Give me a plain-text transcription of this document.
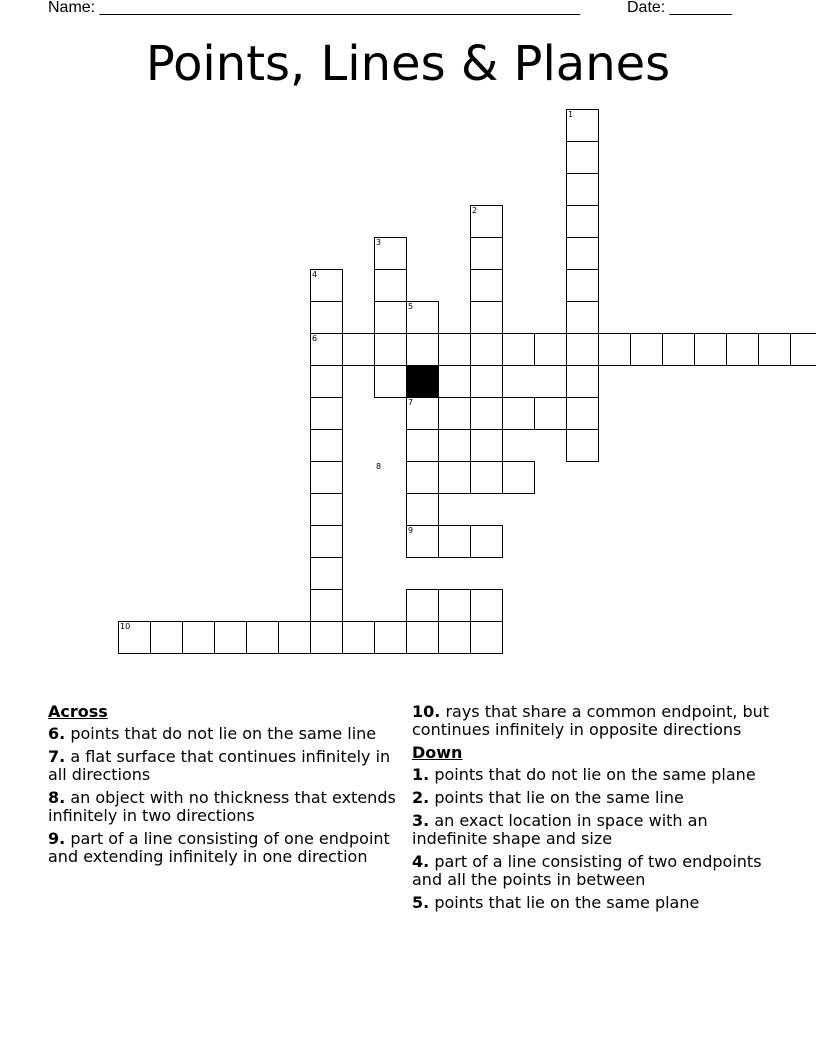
Name: ______________________________________________________	Date: _______
Points, Lines & Planes
1
2
3
4
5
6
7
8
9
10
Across
6. points that do not lie on the same line
7. a flat surface that continues infinitely in all directions
8. an object with no thickness that extends infinitely in two directions
9. part of a line consisting of one endpoint and extending infinitely in one direction
10. rays that share a common endpoint, but continues infinitely in opposite directions
Down
1. points that do not lie on the same plane
2. points that lie on the same line
3. an exact location in space with an indefinite shape and size
4. part of a line consisting of two endpoints and all the points in between
5. points that lie on the same plane
